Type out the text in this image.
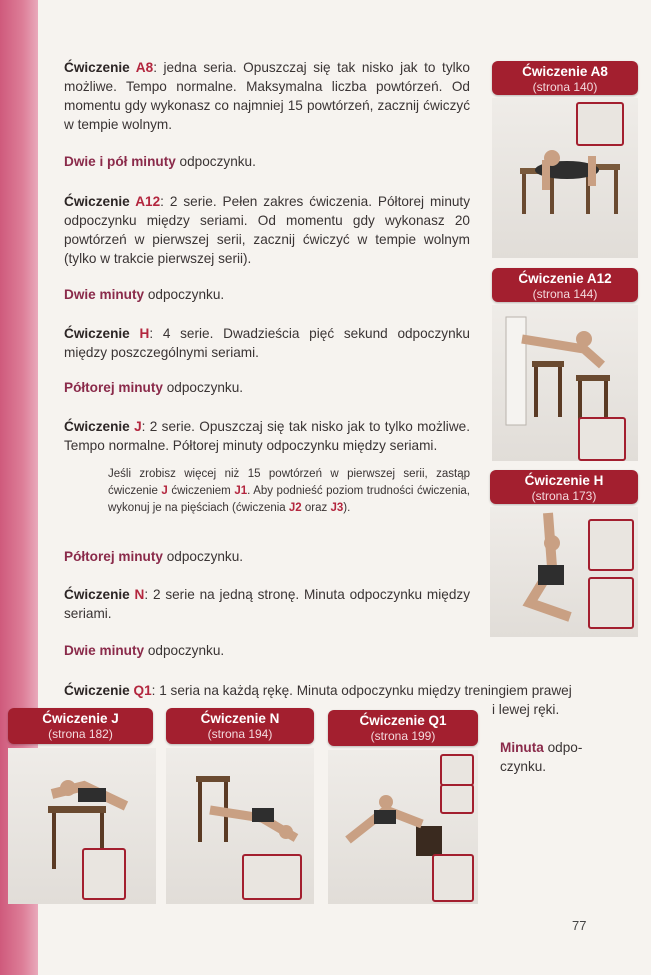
Ćwiczenie A8: jedna seria. Opuszczaj się tak nisko jak to tylko możliwe. Tempo normalne. Maksymalna liczba powtórzeń. Od momentu gdy wykonasz co najmniej 15 powtórzeń, zacznij ćwiczyć w tempie wolnym.
Dwie i pół minuty odpoczynku.
Ćwiczenie A12: 2 serie. Pełen zakres ćwiczenia. Półtorej minuty odpoczynku między seriami. Od momentu gdy wykonasz 20 powtórzeń w pierwszej serii, zacznij ćwiczyć w tempie wolnym (tylko w trakcie pierwszej serii).
Dwie minuty odpoczynku.
Ćwiczenie H: 4 serie. Dwadzieścia pięć sekund odpoczynku między poszczególnymi seriami.
Półtorej minuty odpoczynku.
Ćwiczenie J: 2 serie. Opuszczaj się tak nisko jak to tylko możliwe. Tempo normalne. Półtorej minuty odpoczynku między seriami.
Jeśli zrobisz więcej niż 15 powtórzeń w pierwszej serii, zastąp ćwiczenie J ćwiczeniem J1. Aby podnieść poziom trudności ćwiczenia, wykonuj je na pięściach (ćwiczenia J2 oraz J3).
Półtorej minuty odpoczynku.
Ćwiczenie N: 2 serie na jedną stronę. Minuta odpoczynku między seriami.
Dwie minuty odpoczynku.
Ćwiczenie Q1: 1 seria na każdą rękę. Minuta odpoczynku między treningiem prawej
i lewej ręki.
Minuta odpo-
czynku.
Ćwiczenie A8
(strona 140)
Ćwiczenie A12
(strona 144)
Ćwiczenie H
(strona 173)
Ćwiczenie J
(strona 182)
Ćwiczenie N
(strona 194)
Ćwiczenie Q1
(strona 199)
77
